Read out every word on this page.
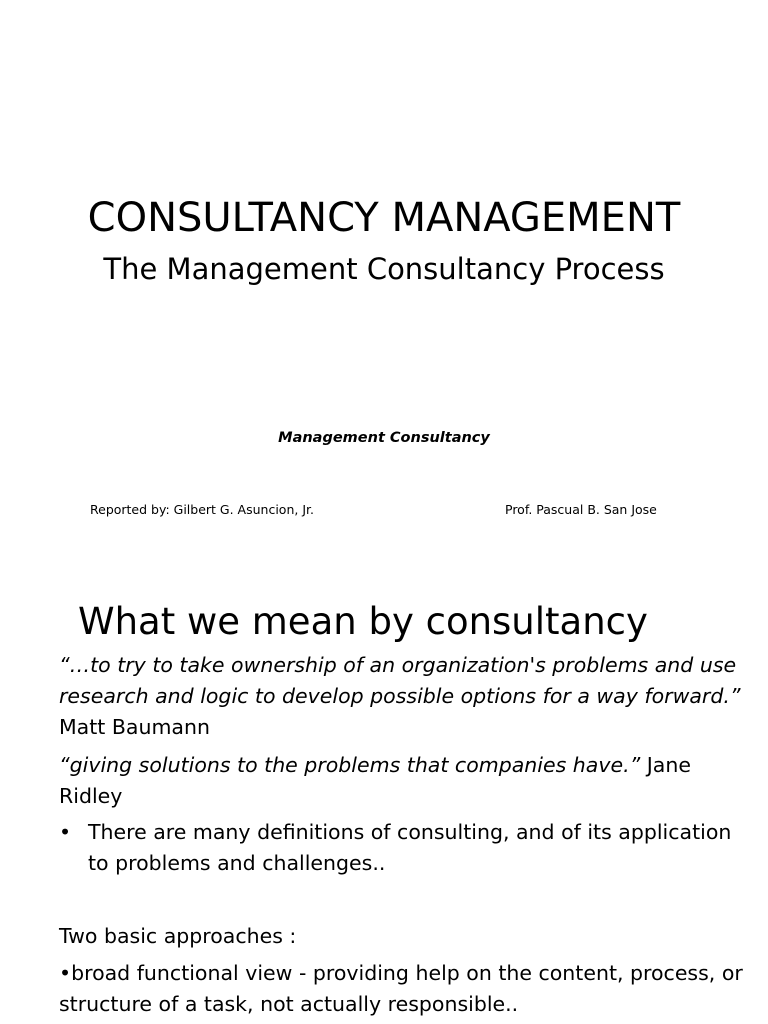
CONSULTANCY MANAGEMENT
The Management Consultancy Process
Management Consultancy
Reported by: Gilbert G. Asuncion, Jr.	Prof. Pascual B. San Jose
What we mean by consultancy
“…to try to take ownership of an organization's problems and use research and logic to develop possible options for a way forward.” Matt Baumann
“giving solutions to the problems that companies have.” Jane Ridley
• There are many definitions of consulting, and of its application to problems and challenges..
Two basic approaches :
•broad functional view - providing help on the content, process, or structure of a task, not actually responsible..
